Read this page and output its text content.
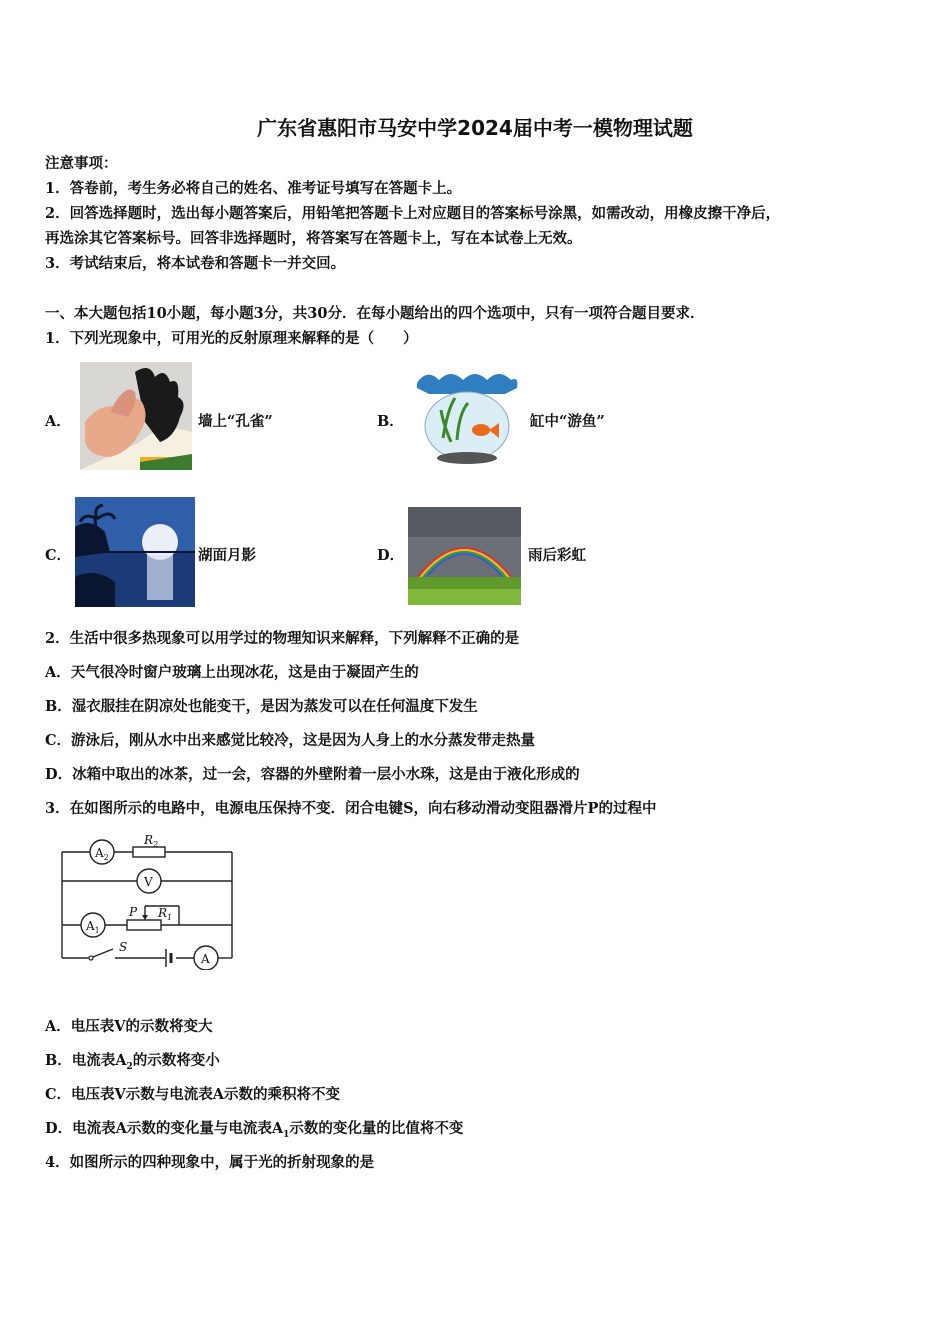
广东省惠阳市马安中学2024届中考一模物理试题
注意事项：
1．答卷前，考生务必将自己的姓名、准考证号填写在答题卡上。
2．回答选择题时，选出每小题答案后，用铅笔把答题卡上对应题目的答案标号涂黑，如需改动，用橡皮擦干净后，
再选涂其它答案标号。回答非选择题时，将答案写在答题卡上，写在本试卷上无效。
3．考试结束后，将本试卷和答题卡一并交回。
一、本大题包括10小题，每小题3分，共30分．在每小题给出的四个选项中，只有一项符合题目要求．
1．下列光现象中，可用光的反射原理来解释的是（　　）
A．	墙上“孔雀”	B．	缸中“游鱼”
C．	湖面月影	D．	雨后彩虹
2．生活中很多热现象可以用学过的物理知识来解释，下列解释不正确的是
A．天气很冷时窗户玻璃上出现冰花，这是由于凝固产生的
B．湿衣服挂在阴凉处也能变干，是因为蒸发可以在任何温度下发生
C．游泳后，刚从水中出来感觉比较冷，这是因为人身上的水分蒸发带走热量
D．冰箱中取出的冰茶，过一会，容器的外壁附着一层小水珠，这是由于液化形成的
3．在如图所示的电路中，电源电压保持不变．闭合电键S，向右移动滑动变阻器滑片P的过程中
$A_2$
$R_2$
V
$A_1$
P $R_1$
S
A
A．电压表V的示数将变大
B．电流表$A_2$的示数将变小
C．电压表V示数与电流表A示数的乘积将不变
D．电流表A示数的变化量与电流表$A_1$示数的变化量的比值将不变
4．如图所示的四种现象中，属于光的折射现象的是
